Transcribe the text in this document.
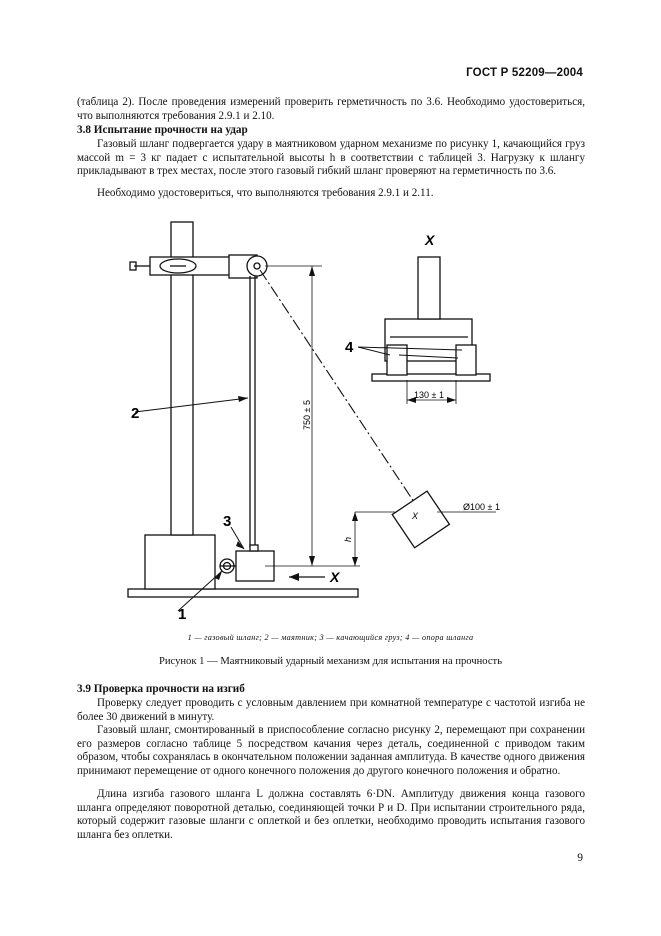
ГОСТ Р 52209—2004

(таблица 2). После проведения измерений проверить герметичность по 3.6. Необходимо удостовериться, что выполняются требования 2.9.1 и 2.10.

3.8 Испытание прочности на удар

Газовый шланг подвергается удару в маятниковом ударном механизме по рисунку 1, качающийся груз массой m = 3 кг падает с испытательной высоты h в соответствии с таблицей 3. Нагрузку к шлангу прикладывают в трех местах, после этого газовый гибкий шланг проверяют на герметичность по 3.6.

Необходимо удостовериться, что выполняются требования 2.9.1 и 2.11.

2
3
1
4
X
X
X
h
750 ± 5
130 ± 1
Ø100 ± 1
1 — газовый шланг; 2 — маятник; 3 — качающийся груз; 4 — опора шланга
Рисунок 1 — Маятниковый ударный механизм для испытания на прочность
3.9 Проверка прочности на изгиб

Проверку следует проводить с условным давлением при комнатной температуре с частотой изгиба не более 30 движений в минуту.

Газовый шланг, смонтированный в приспособление согласно рисунку 2, перемещают при сохранении его размеров согласно таблице 5 посредством качания через деталь, соединенной с приводом таким образом, чтобы сохранялась в окончательном положении заданная амплитуда. В качестве одного движения принимают перемещение от одного конечного положения до другого конечного положения и обратно.

Длина изгиба газового шланга L должна составлять 6·DN. Амплитуду движения конца газового шланга определяют поворотной деталью, соединяющей точки P и D. При испытании строительного ряда, который содержит газовые шланги с оплеткой и без оплетки, необходимо проводить испытания газового шланга без оплетки.

9
